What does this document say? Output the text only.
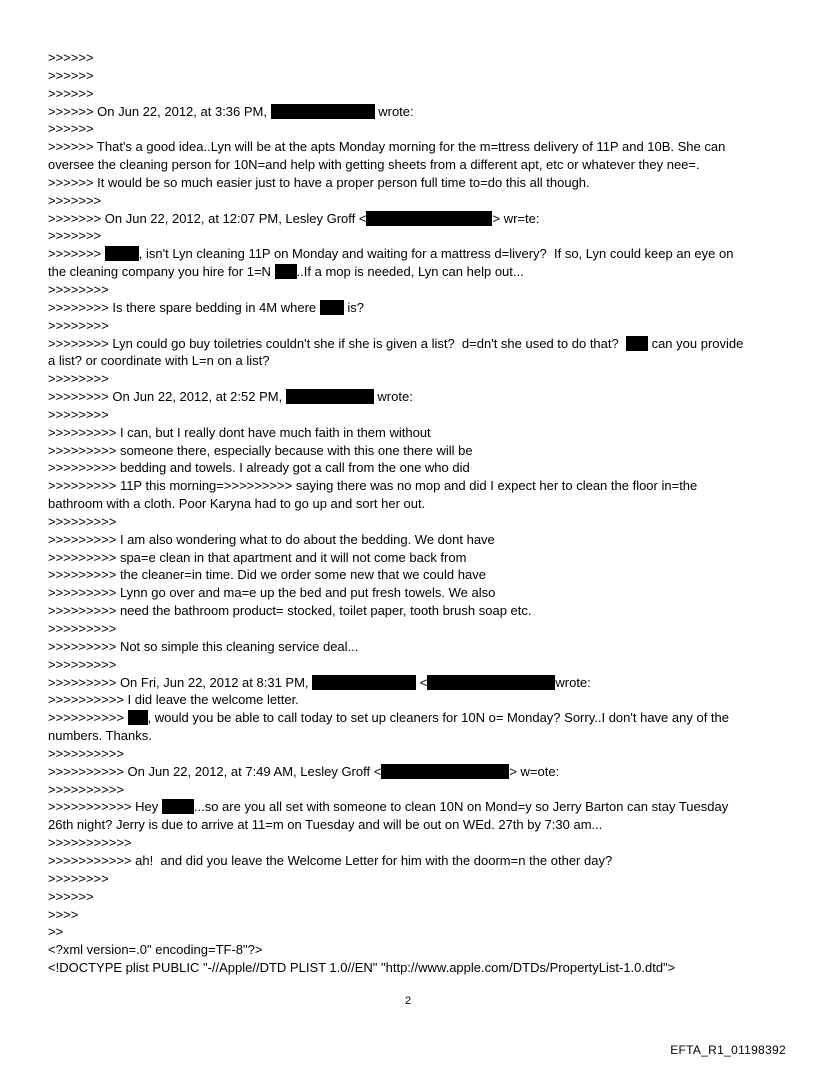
>>>>>>
>>>>>>
>>>>>>
>>>>>> On Jun 22, 2012, at 3:36 PM,	wrote:
>>>>>>
>>>>>> That's a good idea..Lyn will be at the apts Monday morning for the m=ttress delivery of 11P and 10B. She can
oversee the cleaning person for 10N=and help with getting sheets from a different apt, etc or whatever they nee=.
>>>>>> It would be so much easier just to have a proper person full time to=do this all though.
>>>>>>>
>>>>>>> On Jun 22, 2012, at 12:07 PM, Lesley Groff <	> wr=te:
>>>>>>>
>>>>>>>	, isn't Lyn cleaning 11P on Monday and waiting for a mattress d=livery?  If so, Lyn could keep an eye on
the cleaning company you hire for 1=N ..If a mop is needed, Lyn can help out...
>>>>>>>>
>>>>>>>> Is there spare bedding in 4M where  is?
>>>>>>>>
>>>>>>>> Lyn could go buy toiletries couldn't she if she is given a list?  d=dn't she used to do that?   can you provide
a list? or coordinate with L=n on a list?
>>>>>>>>
>>>>>>>> On Jun 22, 2012, at 2:52 PM,	wrote:
>>>>>>>>
>>>>>>>>> I can, but I really dont have much faith in them without
>>>>>>>>> someone there, especially because with this one there will be
>>>>>>>>> bedding and towels. I already got a call from the one who did
>>>>>>>>> 11P this morning=>>>>>>>>> saying there was no mop and did I expect her to clean the floor in=the
bathroom with a cloth. Poor Karyna had to go up and sort her out.
>>>>>>>>>
>>>>>>>>> I am also wondering what to do about the bedding. We dont have
>>>>>>>>> spa=e clean in that apartment and it will not come back from
>>>>>>>>> the cleaner=in time. Did we order some new that we could have
>>>>>>>>> Lynn go over and ma=e up the bed and put fresh towels. We also
>>>>>>>>> need the bathroom product= stocked, toilet paper, tooth brush soap etc.
>>>>>>>>>
>>>>>>>>> Not so simple this cleaning service deal...
>>>>>>>>>
>>>>>>>>> On Fri, Jun 22, 2012 at 8:31 PM,	<	wrote:
>>>>>>>>>> I did leave the welcome letter.
>>>>>>>>>> , would you be able to call today to set up cleaners for 10N o= Monday? Sorry..I don't have any of the
numbers. Thanks.
>>>>>>>>>>
>>>>>>>>>> On Jun 22, 2012, at 7:49 AM, Lesley Groff <	> w=ote:
>>>>>>>>>>
>>>>>>>>>>> Hey ...so are you all set with someone to clean 10N on Mond=y so Jerry Barton can stay Tuesday
26th night? Jerry is due to arrive at 11=m on Tuesday and will be out on WEd. 27th by 7:30 am...
>>>>>>>>>>>
>>>>>>>>>>> ah!  and did you leave the Welcome Letter for him with the doorm=n the other day?
>>>>>>>>
>>>>>>
>>>>
>>
<?xml version=.0" encoding=TF-8"?>
<!DOCTYPE plist PUBLIC "-//Apple//DTD PLIST 1.0//EN" "http://www.apple.com/DTDs/PropertyList-1.0.dtd">
2
EFTA_R1_01198392
